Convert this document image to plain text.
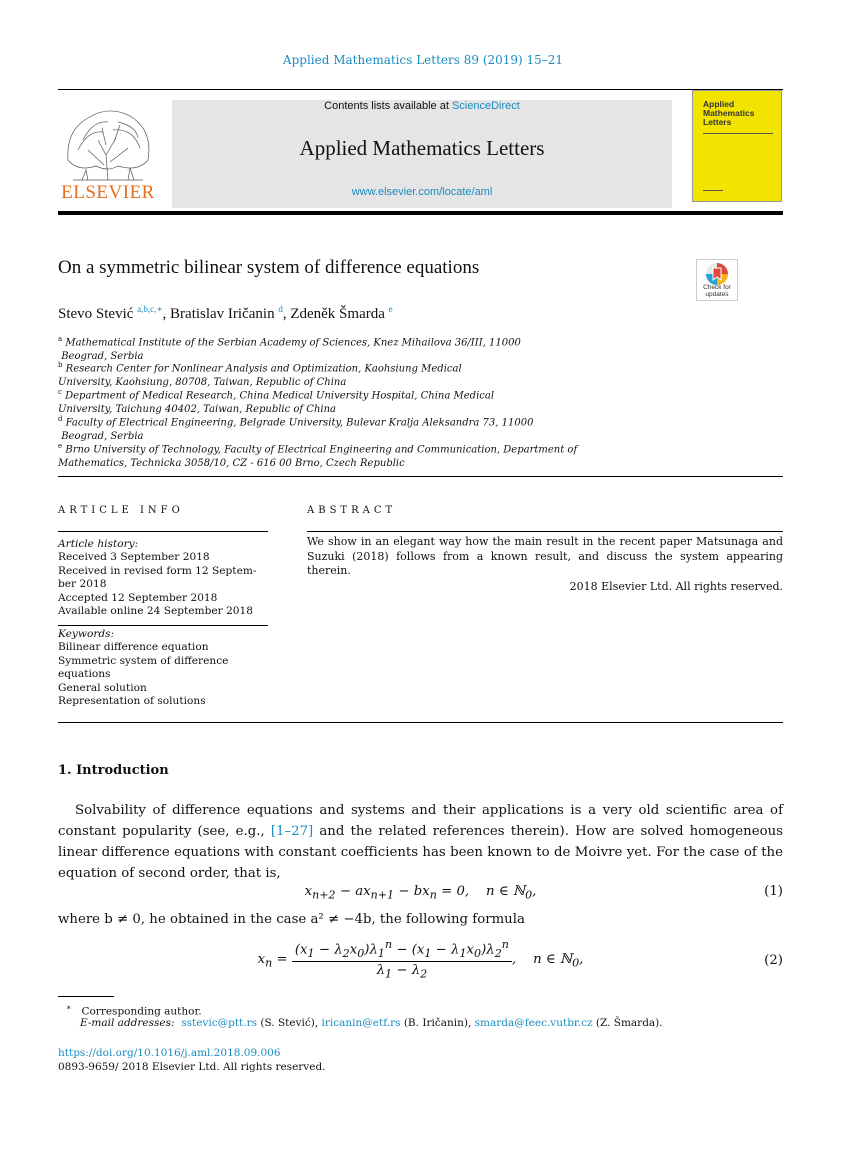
Applied Mathematics Letters 89 (2019) 15–21
ELSEVIER
Contents lists available at ScienceDirect
Applied Mathematics Letters
www.elsevier.com/locate/aml
Applied
Mathematics
Letters
On a symmetric bilinear system of difference equations
Check for updates
Stevo Stević $^{a,b,c,∗}$, Bratislav Iričanin $^d$, Zdeněk Šmarda $^e$
$^a$ Mathematical Institute of the Serbian Academy of Sciences, Knez Mihailova 36/III, 11000
Beograd, Serbia
$^b$ Research Center for Nonlinear Analysis and Optimization, Kaohsiung Medical
University, Kaohsiung, 80708, Taiwan, Republic of China
$^c$ Department of Medical Research, China Medical University Hospital, China Medical
University, Taichung 40402, Taiwan, Republic of China
$^d$ Faculty of Electrical Engineering, Belgrade University, Bulevar Kralja Aleksandra 73, 11000
Beograd, Serbia
$^e$ Brno University of Technology, Faculty of Electrical Engineering and Communication, Department of
Mathematics, Technicka 3058/10, CZ - 616 00 Brno, Czech Republic
ARTICLE INFO
Article history:
Received 3 September 2018
Received in revised form 12 Septem-
ber 2018
Accepted 12 September 2018
Available online 24 September 2018
Keywords:
Bilinear difference equation
Symmetric system of difference
equations
General solution
Representation of solutions
ABSTRACT
We show in an elegant way how the main result in the recent paper Matsunaga and Suzuki (2018) follows from a known result, and discuss the system appearing therein.
2018 Elsevier Ltd. All rights reserved.
1. Introduction
Solvability of difference equations and systems and their applications is a very old scientific area of constant popularity (see, e.g., [1–27] and the related references therein). How are solved homogeneous linear difference equations with constant coefficients has been known to de Moivre yet. For the case of the equation of second order, that is,
$x_{n+2} - ax_{n+1} - bx_n = 0$,    n ∈ ℕ$_0$,	(1)
where b ≠ 0, he obtained in the case a² ≠ −4b, the following formula
$x_n = \frac{(x_1 - \lambda_2x_0)\lambda_1^n - (x_1 - \lambda_1x_0)\lambda_2^n}{\lambda_1 - \lambda_2}$ ,    n ∈ ℕ$_0$,	(2)
∗ Corresponding author.
E-mail addresses: sstevic@ptt.rs (S. Stević), iricanin@etf.rs (B. Iričanin), smarda@feec.vutbr.cz (Z. Šmarda).
https://doi.org/10.1016/j.aml.2018.09.006
0893-9659/ 2018 Elsevier Ltd. All rights reserved.
